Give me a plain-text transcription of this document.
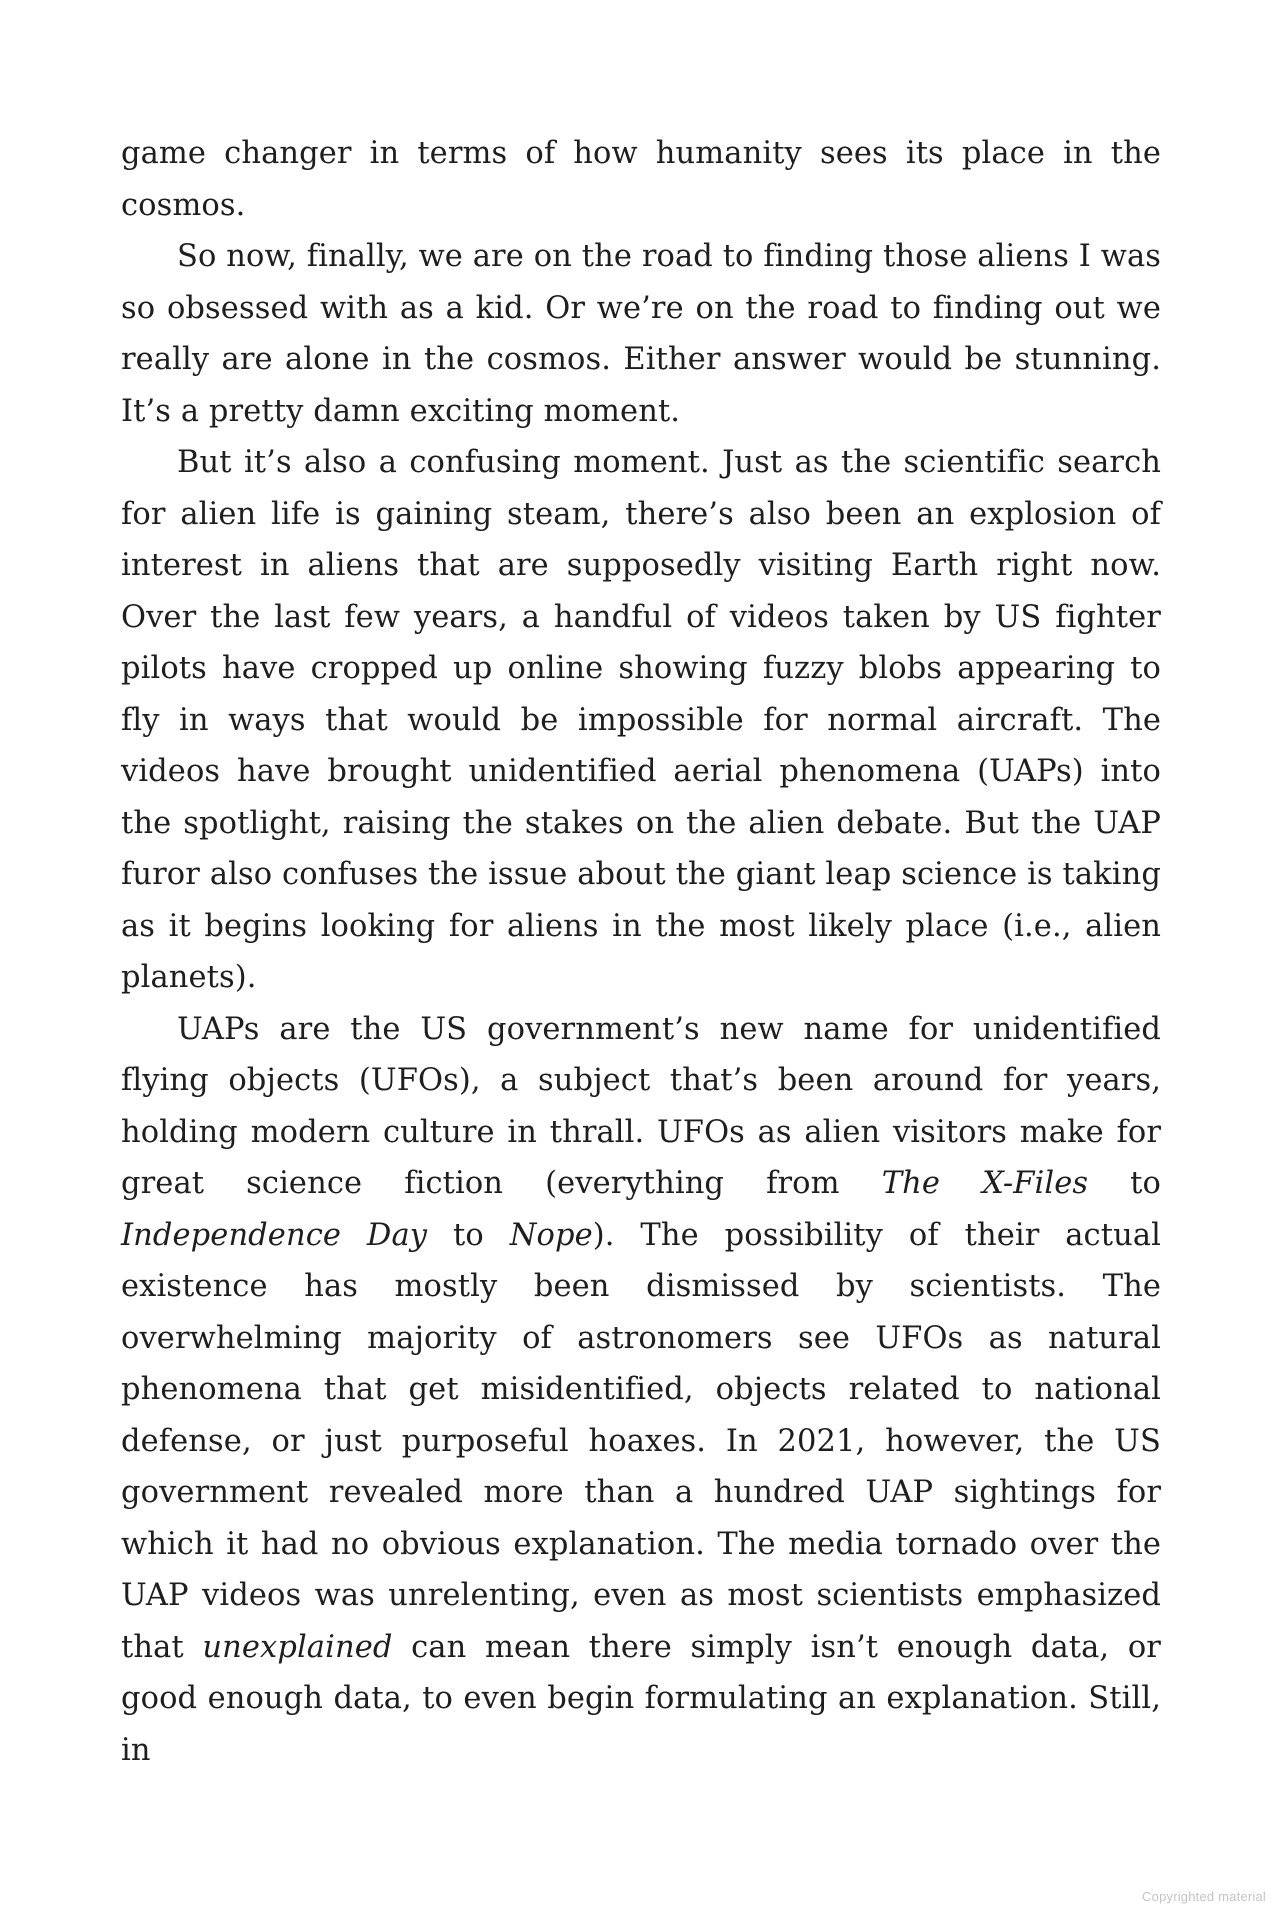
game changer in terms of how humanity sees its place in the cosmos.

So now, finally, we are on the road to finding those aliens I was so obsessed with as a kid. Or we’re on the road to finding out we really are alone in the cosmos. Either answer would be stunning. It’s a pretty damn exciting moment.

But it’s also a confusing moment. Just as the scientific search for alien life is gaining steam, there’s also been an explosion of interest in aliens that are supposedly visiting Earth right now. Over the last few years, a handful of videos taken by US fighter pilots have cropped up online showing fuzzy blobs appearing to fly in ways that would be impossible for normal aircraft. The videos have brought unidentified aerial phenomena (UAPs) into the spotlight, raising the stakes on the alien debate. But the UAP furor also confuses the issue about the giant leap science is taking as it begins looking for aliens in the most likely place (i.e., alien planets).

UAPs are the US government’s new name for unidentified flying objects (UFOs), a subject that’s been around for years, holding modern culture in thrall. UFOs as alien visitors make for great science fiction (everything from The X-Files to Independence Day to Nope). The possibility of their actual existence has mostly been dismissed by scientists. The overwhelming majority of astronomers see UFOs as natural phenomena that get misidentified, objects related to national defense, or just purposeful hoaxes. In 2021, however, the US government revealed more than a hundred UAP sightings for which it had no obvious explanation. The media tornado over the UAP videos was unrelenting, even as most scientists emphasized that unexplained can mean there simply isn’t enough data, or good enough data, to even begin formulating an explanation. Still, in

Copyrighted material
